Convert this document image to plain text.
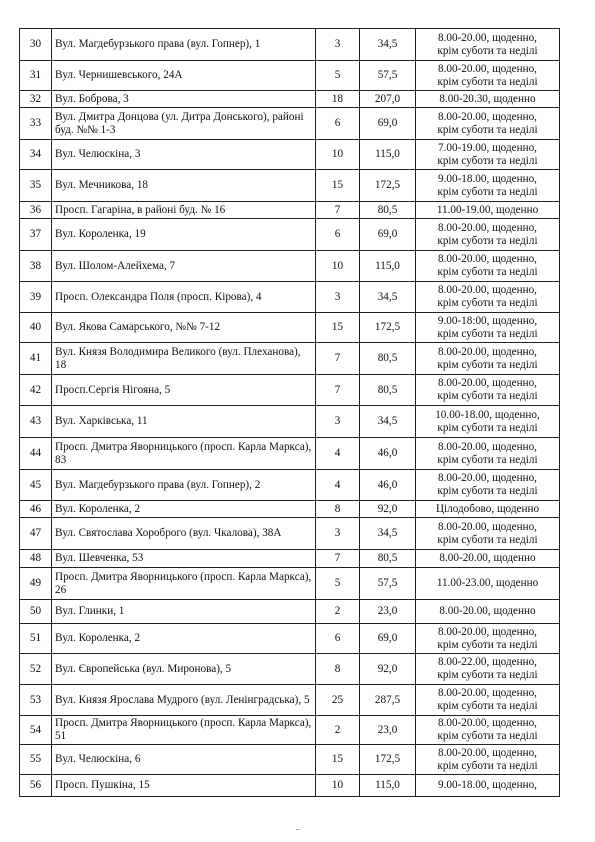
30	Вул. Магдебурзького права (вул. Гопнер), 1	3	34,5	8.00-20.00, щоденно,
крім суботи та неділі

31	Вул. Чернишевського, 24А	5	57,5	8.00-20.00, щоденно,
крім суботи та неділі

32	Вул. Боброва, 3	18	207,0	8.00-20.30, щоденно

33	Вул. Дмитра Донцова (ул. Дитра Донського), районі буд. №№ 1-3	6	69,0	8.00-20.00, щоденно,
крім суботи та неділі

34	Вул. Челюскіна, 3	10	115,0	7.00-19.00, щоденно,
крім суботи та неділі

35	Вул. Мечникова, 18	15	172,5	9.00-18.00, щоденно,
крім суботи та неділі

36	Просп. Гагаріна, в районі буд. № 16	7	80,5	11.00-19.00, щоденно

37	Вул. Короленка, 19	6	69,0	8.00-20.00, щоденно,
крім суботи та неділі

38	Вул. Шолом-Алейхема, 7	10	115,0	8.00-20.00, щоденно,
крім суботи та неділі

39	Просп. Олександра Поля (просп. Кірова), 4	3	34,5	8.00-20.00, щоденно,
крім суботи та неділі

40	Вул. Якова Самарського, №№ 7-12	15	172,5	9.00-18:00, щоденно,
крім суботи та неділі

41	Вул. Князя Володимира Великого (вул. Плеханова), 18	7	80,5	8.00-20.00, щоденно,
крім суботи та неділі

42	Просп.Сергія Нігояна, 5	7	80,5	8.00-20.00, щоденно,
крім суботи та неділі

43	Вул. Харківська, 11	3	34,5	10.00-18.00, щоденно,
крім суботи та неділі

44	Просп. Дмитра Яворницького (просп. Карла Маркса), 83	4	46,0	8.00-20.00, щоденно,
крім суботи та неділі

45	Вул. Магдебурзького права (вул. Гопнер), 2	4	46,0	8.00-20.00, щоденно,
крім суботи та неділі

46	Вул. Короленка, 2	8	92,0	Цілодобово, щоденно

47	Вул. Святослава Хороброго (вул. Чкалова), 38А	3	34,5	8.00-20.00, щоденно,
крім суботи та неділі

48	Вул. Шевченка, 53	7	80,5	8.00-20.00, щоденно

49	Просп. Дмитра Яворницького (просп. Карла Маркса), 26	5	57,5	11.00-23.00, щоденно

50	Вул. Глинки, 1	2	23,0	8.00-20.00, щоденно

51	Вул. Короленка, 2	6	69,0	8.00-20.00, щоденно,
крім суботи та неділі

52	Вул. Європейська (вул. Миронова), 5	8	92,0	8.00-22.00, щоденно,
крім суботи та неділі

53	Вул. Князя Ярослава Мудрого (вул. Ленінградська), 5	25	287,5	8.00-20.00, щоденно,
крім суботи та неділі

54	Просп. Дмитра Яворницького (просп. Карла Маркса), 51	2	23,0	8.00-20.00, щоденно,
крім суботи та неділі

55	Вул. Челюскіна, 6	15	172,5	8.00-20.00, щоденно,
крім суботи та неділі

56	Просп. Пушкіна, 15	10	115,0	9.00-18.00, щоденно,
